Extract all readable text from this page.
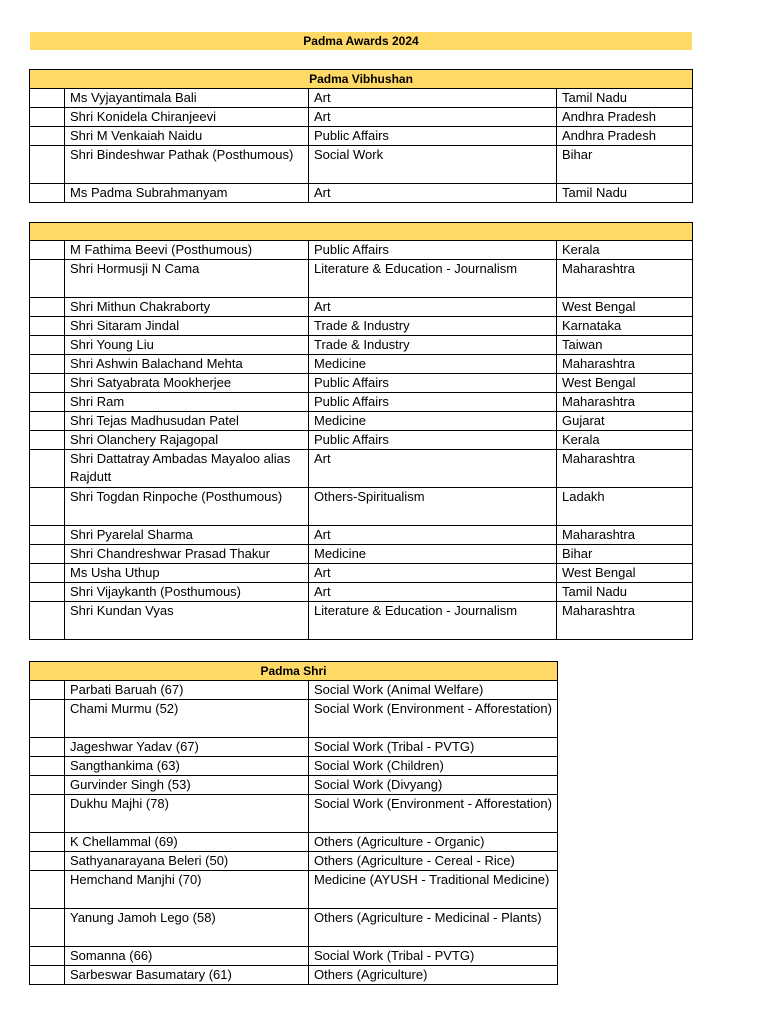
Padma Awards 2024
Padma Vibhushan			
	Ms Vyjayantimala Bali	Art	Tamil Nadu
	Shri Konidela Chiranjeevi	Art	Andhra Pradesh
	Shri M Venkaiah Naidu	Public Affairs	Andhra Pradesh
	Shri Bindeshwar Pathak (Posthumous)	Social Work	Bihar
	Ms Padma Subrahmanyam	Art	Tamil Nadu

	M Fathima Beevi (Posthumous)	Public Affairs	Kerala
	Shri Hormusji N Cama	Literature & Education - Journalism	Maharashtra
	Shri Mithun Chakraborty	Art	West Bengal
	Shri Sitaram Jindal	Trade & Industry	Karnataka
	Shri Young Liu	Trade & Industry	Taiwan
	Shri Ashwin Balachand Mehta	Medicine	Maharashtra
	Shri Satyabrata Mookherjee	Public Affairs	West Bengal
	Shri Ram	Public Affairs	Maharashtra
	Shri Tejas Madhusudan Patel	Medicine	Gujarat
	Shri Olanchery Rajagopal	Public Affairs	Kerala
	Shri Dattatray Ambadas Mayaloo alias Rajdutt	Art	Maharashtra
	Shri Togdan Rinpoche (Posthumous)	Others-Spiritualism	Ladakh
	Shri Pyarelal Sharma	Art	Maharashtra
	Shri Chandreshwar Prasad Thakur	Medicine	Bihar
	Ms Usha Uthup	Art	West Bengal
	Shri Vijaykanth (Posthumous)	Art	Tamil Nadu
	Shri Kundan Vyas	Literature & Education - Journalism	Maharashtra
Padma Shri		
	Parbati Baruah (67)	Social Work (Animal Welfare)
	Chami Murmu (52)	Social Work (Environment - Afforestation)
	Jageshwar Yadav (67)	Social Work (Tribal - PVTG)
	Sangthankima (63)	Social Work (Children)
	Gurvinder Singh (53)	Social Work (Divyang)
	Dukhu Majhi (78)	Social Work (Environment - Afforestation)
	K Chellammal (69)	Others (Agriculture - Organic)
	Sathyanarayana Beleri (50)	Others (Agriculture - Cereal - Rice)
	Hemchand Manjhi (70)	Medicine (AYUSH - Traditional Medicine)
	Yanung Jamoh Lego (58)	Others (Agriculture - Medicinal - Plants)
	Somanna (66)	Social Work (Tribal - PVTG)
	Sarbeswar Basumatary (61)	Others (Agriculture)
